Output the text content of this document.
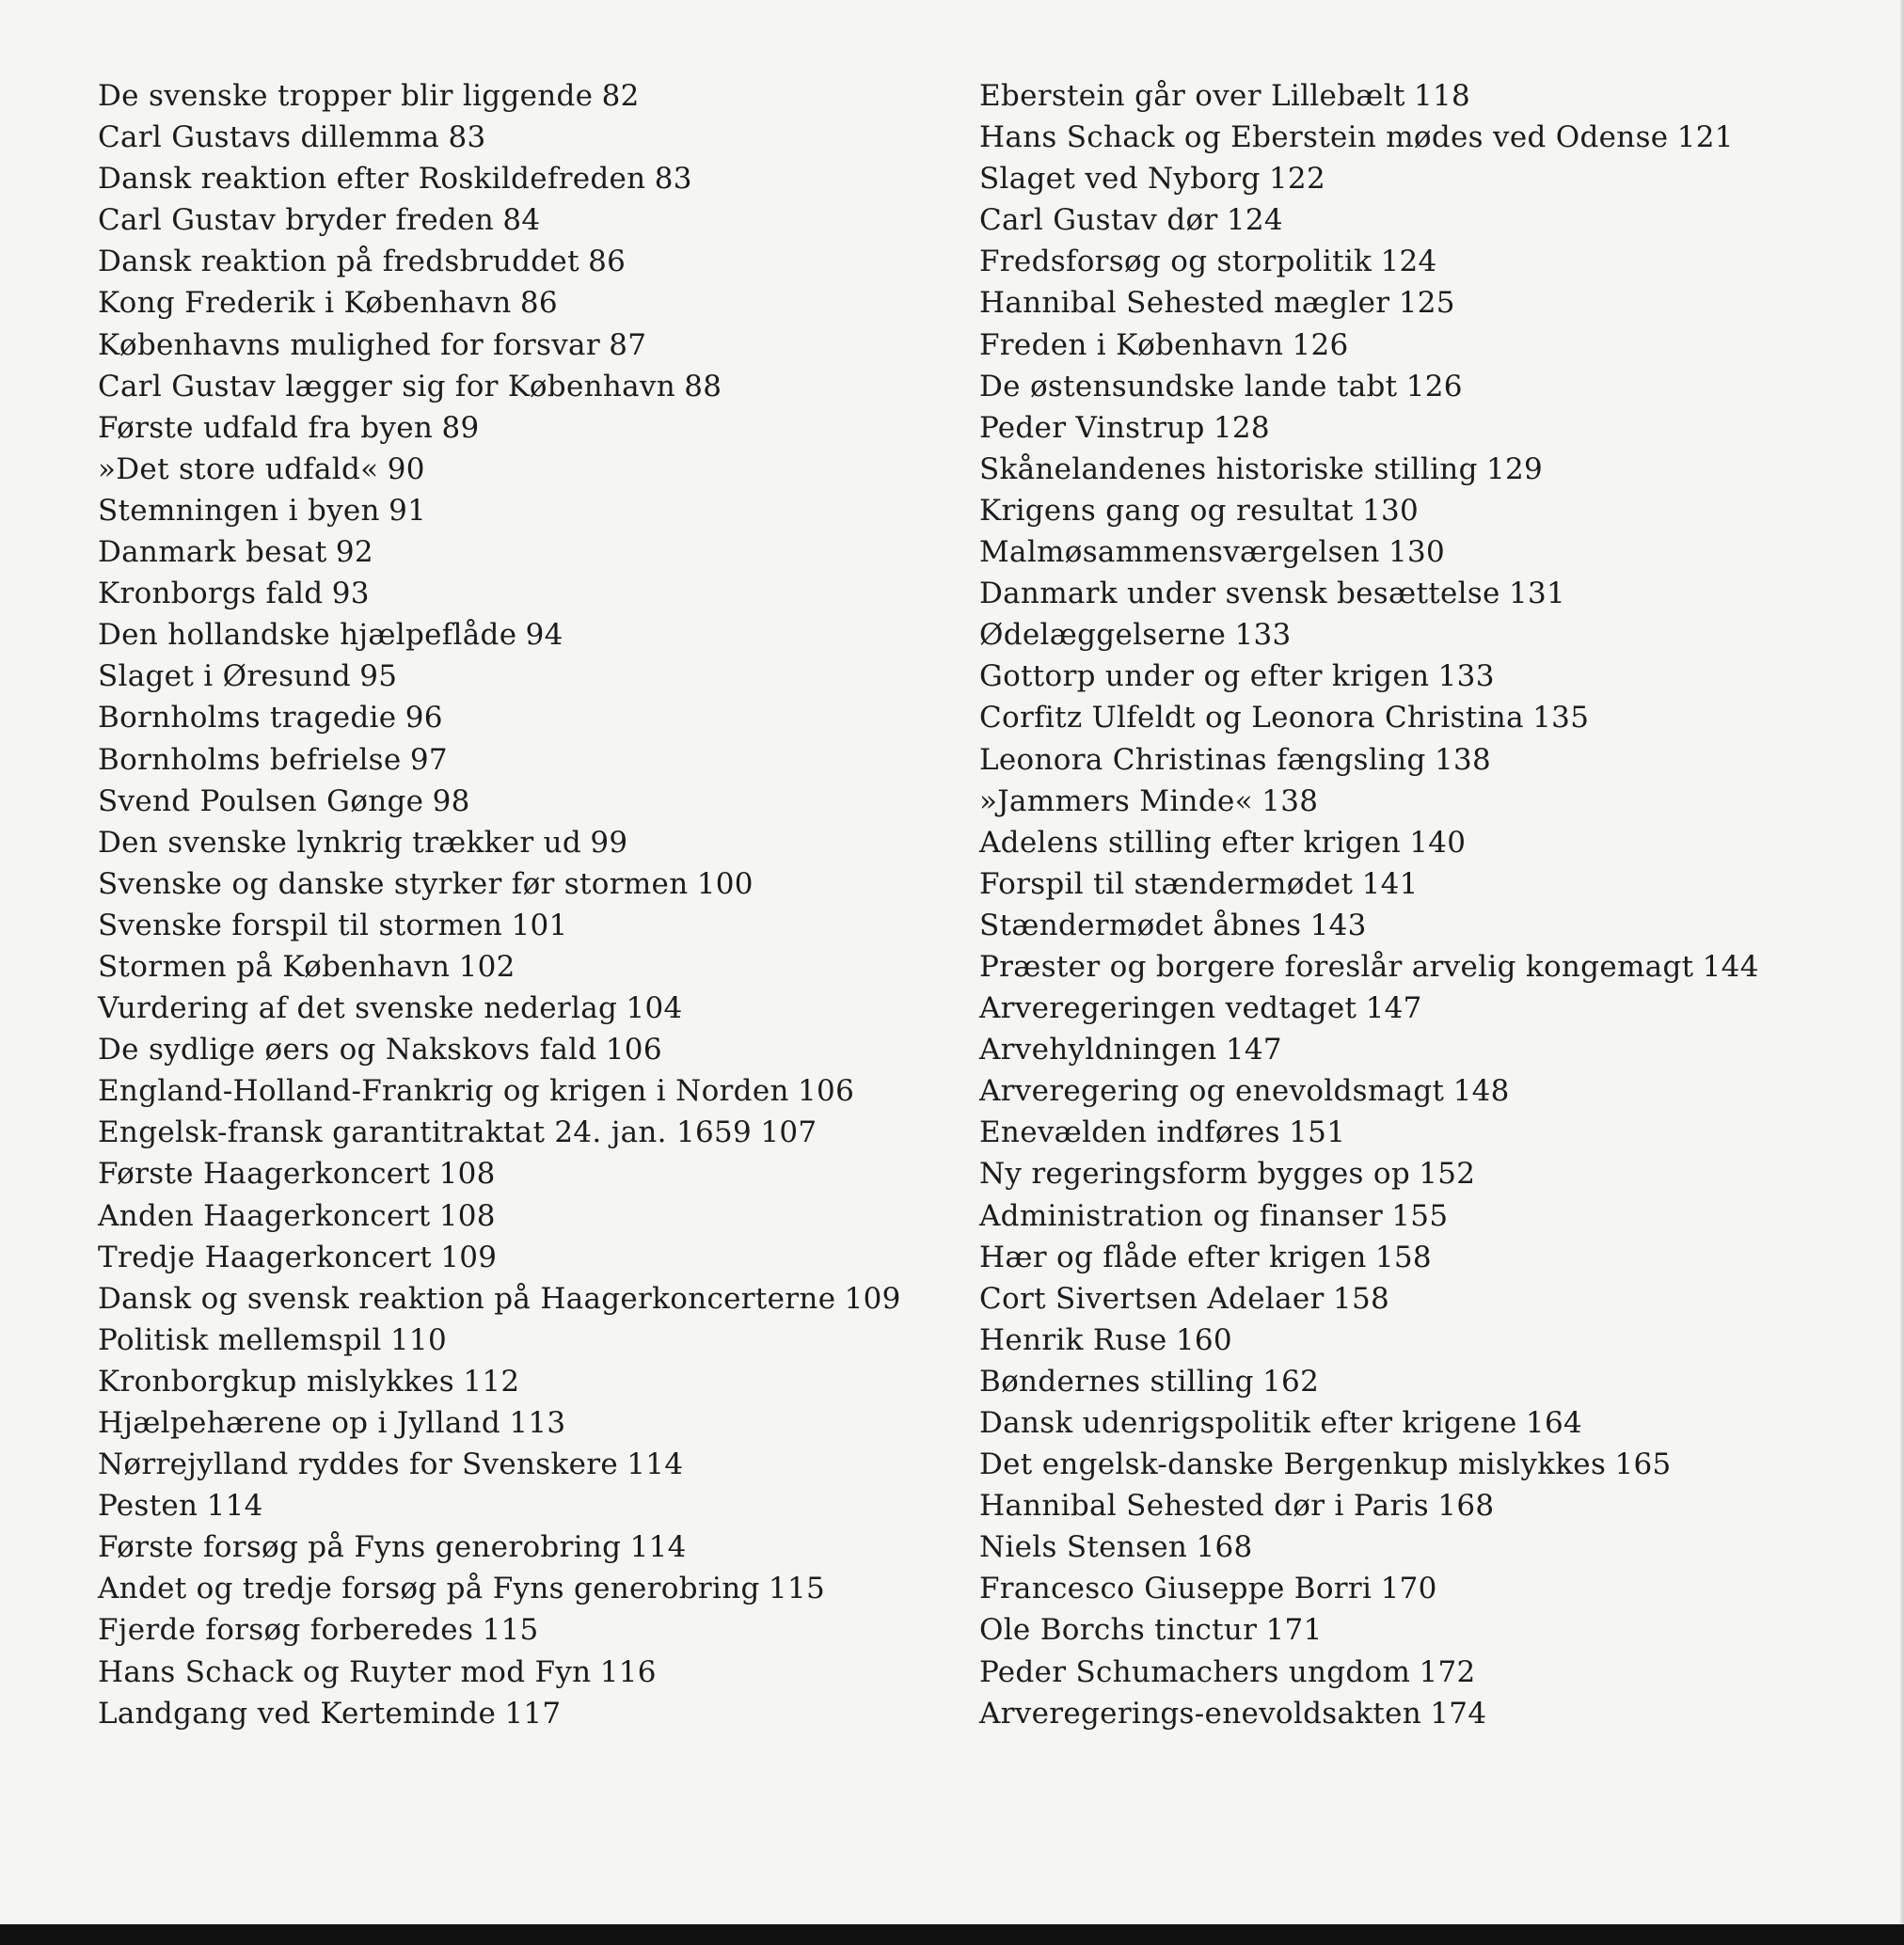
De svenske tropper blir liggende 82
Carl Gustavs dillemma 83
Dansk reaktion efter Roskildefreden 83
Carl Gustav bryder freden 84
Dansk reaktion på fredsbruddet 86
Kong Frederik i København 86
Københavns mulighed for forsvar 87
Carl Gustav lægger sig for København 88
Første udfald fra byen 89
»Det store udfald« 90
Stemningen i byen 91
Danmark besat 92
Kronborgs fald 93
Den hollandske hjælpeflåde 94
Slaget i Øresund 95
Bornholms tragedie 96
Bornholms befrielse 97
Svend Poulsen Gønge 98
Den svenske lynkrig trækker ud 99
Svenske og danske styrker før stormen 100
Svenske forspil til stormen 101
Stormen på København 102
Vurdering af det svenske nederlag 104
De sydlige øers og Nakskovs fald 106
England-Holland-Frankrig og krigen i Norden 106
Engelsk-fransk garantitraktat 24. jan. 1659 107
Første Haagerkoncert 108
Anden Haagerkoncert 108
Tredje Haagerkoncert 109
Dansk og svensk reaktion på Haagerkoncerterne 109
Politisk mellemspil 110
Kronborgkup mislykkes 112
Hjælpehærene op i Jylland 113
Nørrejylland ryddes for Svenskere 114
Pesten 114
Første forsøg på Fyns generobring 114
Andet og tredje forsøg på Fyns generobring 115
Fjerde forsøg forberedes 115
Hans Schack og Ruyter mod Fyn 116
Landgang ved Kerteminde 117
Eberstein går over Lillebælt 118
Hans Schack og Eberstein mødes ved Odense 121
Slaget ved Nyborg 122
Carl Gustav dør 124
Fredsforsøg og storpolitik 124
Hannibal Sehested mægler 125
Freden i København 126
De østensundske lande tabt 126
Peder Vinstrup 128
Skånelandenes historiske stilling 129
Krigens gang og resultat 130
Malmøsammensværgelsen 130
Danmark under svensk besættelse 131
Ødelæggelserne 133
Gottorp under og efter krigen 133
Corfitz Ulfeldt og Leonora Christina 135
Leonora Christinas fængsling 138
»Jammers Minde« 138
Adelens stilling efter krigen 140
Forspil til stændermødet 141
Stændermødet åbnes 143
Præster og borgere foreslår arvelig kongemagt 144
Arveregeringen vedtaget 147
Arvehyldningen 147
Arveregering og enevoldsmagt 148
Enevælden indføres 151
Ny regeringsform bygges op 152
Administration og finanser 155
Hær og flåde efter krigen 158
Cort Sivertsen Adelaer 158
Henrik Ruse 160
Bøndernes stilling 162
Dansk udenrigspolitik efter krigene 164
Det engelsk-danske Bergenkup mislykkes 165
Hannibal Sehested dør i Paris 168
Niels Stensen 168
Francesco Giuseppe Borri 170
Ole Borchs tinctur 171
Peder Schumachers ungdom 172
Arveregerings-enevoldsakten 174
